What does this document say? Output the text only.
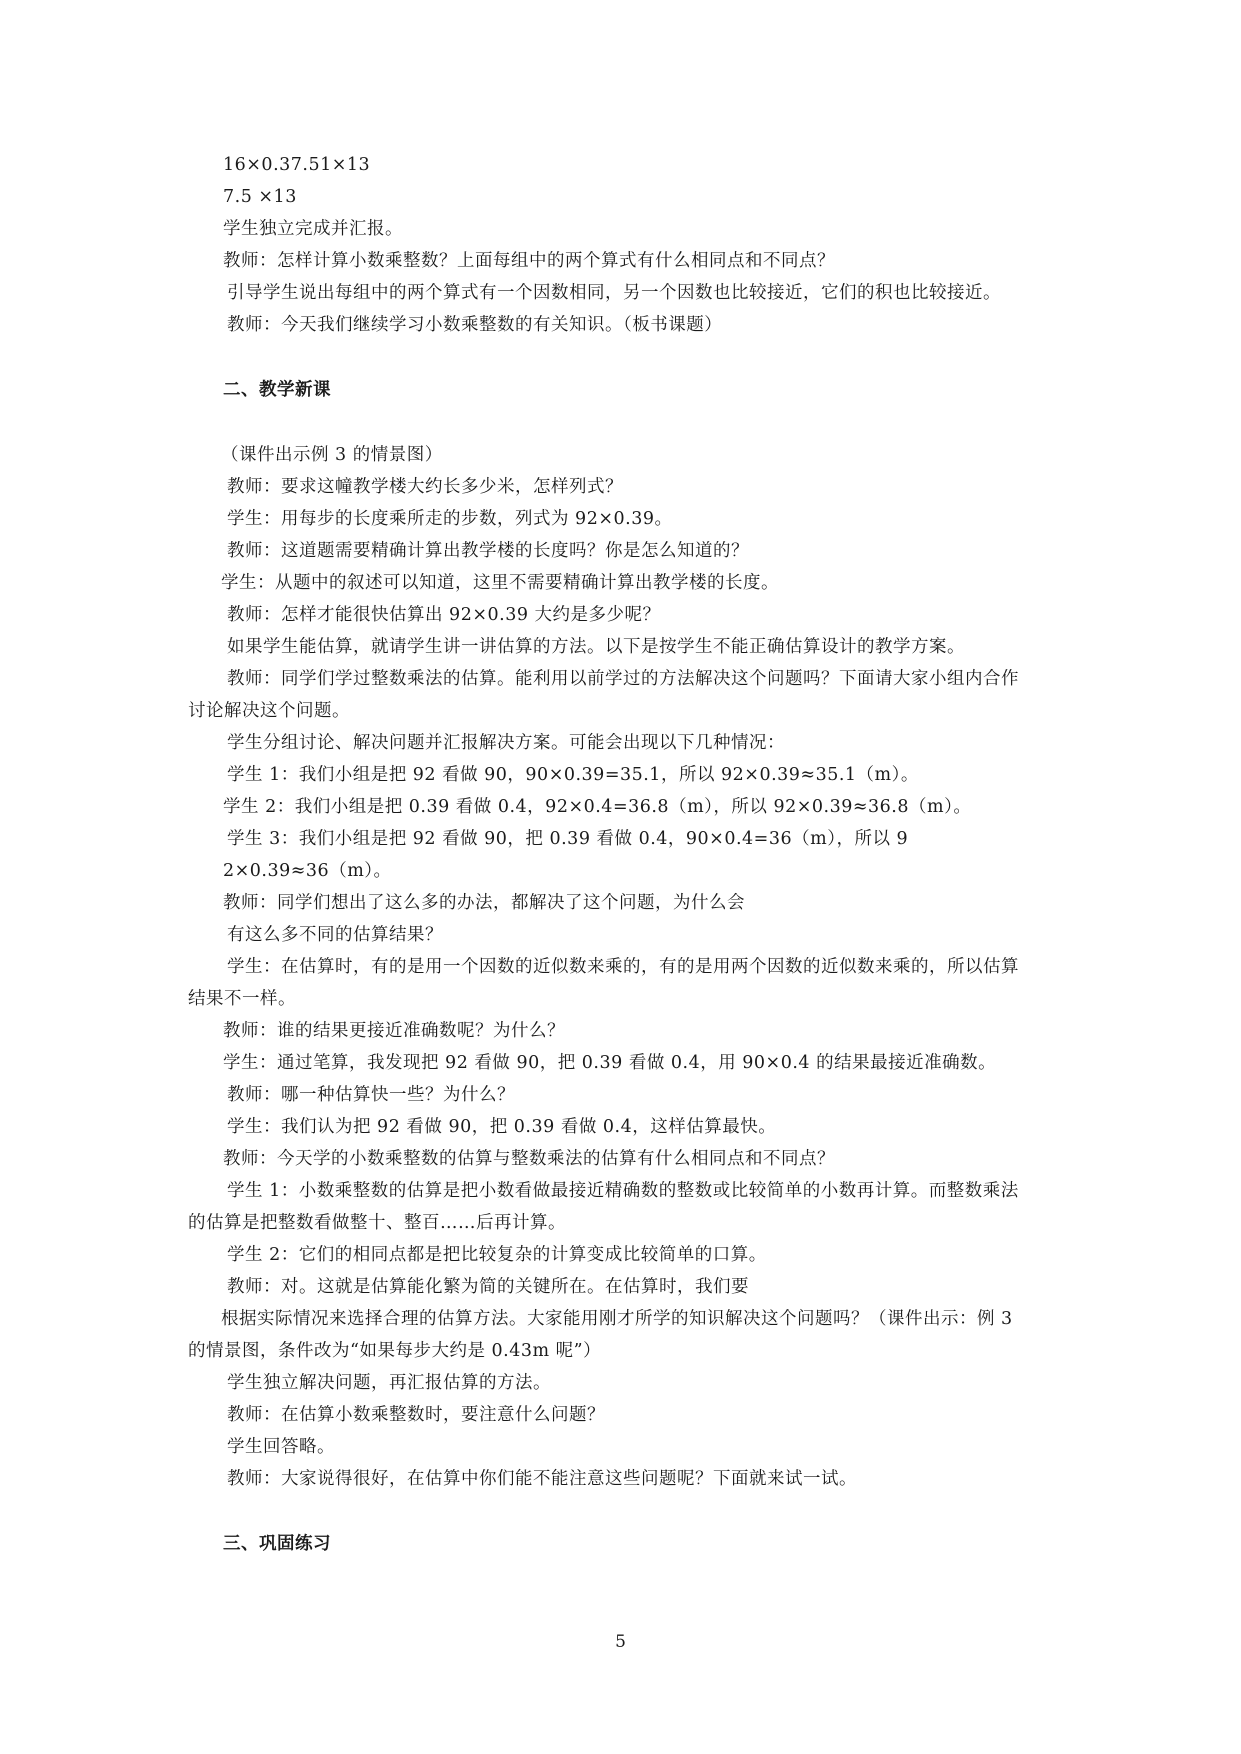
16×0.37.51×13
7.5 ×13
学生独立完成并汇报。
教师：怎样计算小数乘整数？上面每组中的两个算式有什么相同点和不同点？
引导学生说出每组中的两个算式有一个因数相同，另一个因数也比较接近，它们的积也比较接近。
教师：今天我们继续学习小数乘整数的有关知识。（板书课题）
二、教学新课
（课件出示例 3 的情景图）
教师：要求这幢教学楼大约长多少米，怎样列式？
学生：用每步的长度乘所走的步数，列式为 92×0.39。
教师：这道题需要精确计算出教学楼的长度吗？你是怎么知道的？
学生：从题中的叙述可以知道，这里不需要精确计算出教学楼的长度。
教师：怎样才能很快估算出 92×0.39 大约是多少呢？
如果学生能估算，就请学生讲一讲估算的方法。以下是按学生不能正确估算设计的教学方案。
教师：同学们学过整数乘法的估算。能利用以前学过的方法解决这个问题吗？下面请大家小组内合作
讨论解决这个问题。
学生分组讨论、解决问题并汇报解决方案。可能会出现以下几种情况：
学生 1：我们小组是把 92 看做 90，90×0.39=35.1，所以 92×0.39≈35.1（m）。
学生 2：我们小组是把 0.39 看做 0.4，92×0.4=36.8（m），所以 92×0.39≈36.8（m）。
学生 3：我们小组是把 92 看做 90，把 0.39 看做 0.4，90×0.4=36（m），所以 9
2×0.39≈36（m）。
教师：同学们想出了这么多的办法，都解决了这个问题，为什么会
有这么多不同的估算结果？
学生：在估算时，有的是用一个因数的近似数来乘的，有的是用两个因数的近似数来乘的，所以估算
结果不一样。
教师：谁的结果更接近准确数呢？为什么？
学生：通过笔算，我发现把 92 看做 90，把 0.39 看做 0.4，用 90×0.4 的结果最接近准确数。
教师：哪一种估算快一些？为什么？
学生：我们认为把 92 看做 90，把 0.39 看做 0.4，这样估算最快。
教师：今天学的小数乘整数的估算与整数乘法的估算有什么相同点和不同点？
学生 1：小数乘整数的估算是把小数看做最接近精确数的整数或比较简单的小数再计算。而整数乘法
的估算是把整数看做整十、整百……后再计算。
学生 2：它们的相同点都是把比较复杂的计算变成比较简单的口算。
教师：对。这就是估算能化繁为简的关键所在。在估算时，我们要
根据实际情况来选择合理的估算方法。大家能用刚才所学的知识解决这个问题吗？（课件出示：例 3
的情景图，条件改为“如果每步大约是 0.43m 呢”）
学生独立解决问题，再汇报估算的方法。
教师：在估算小数乘整数时，要注意什么问题？
学生回答略。
教师：大家说得很好，在估算中你们能不能注意这些问题呢？下面就来试一试。
三、巩固练习
5
